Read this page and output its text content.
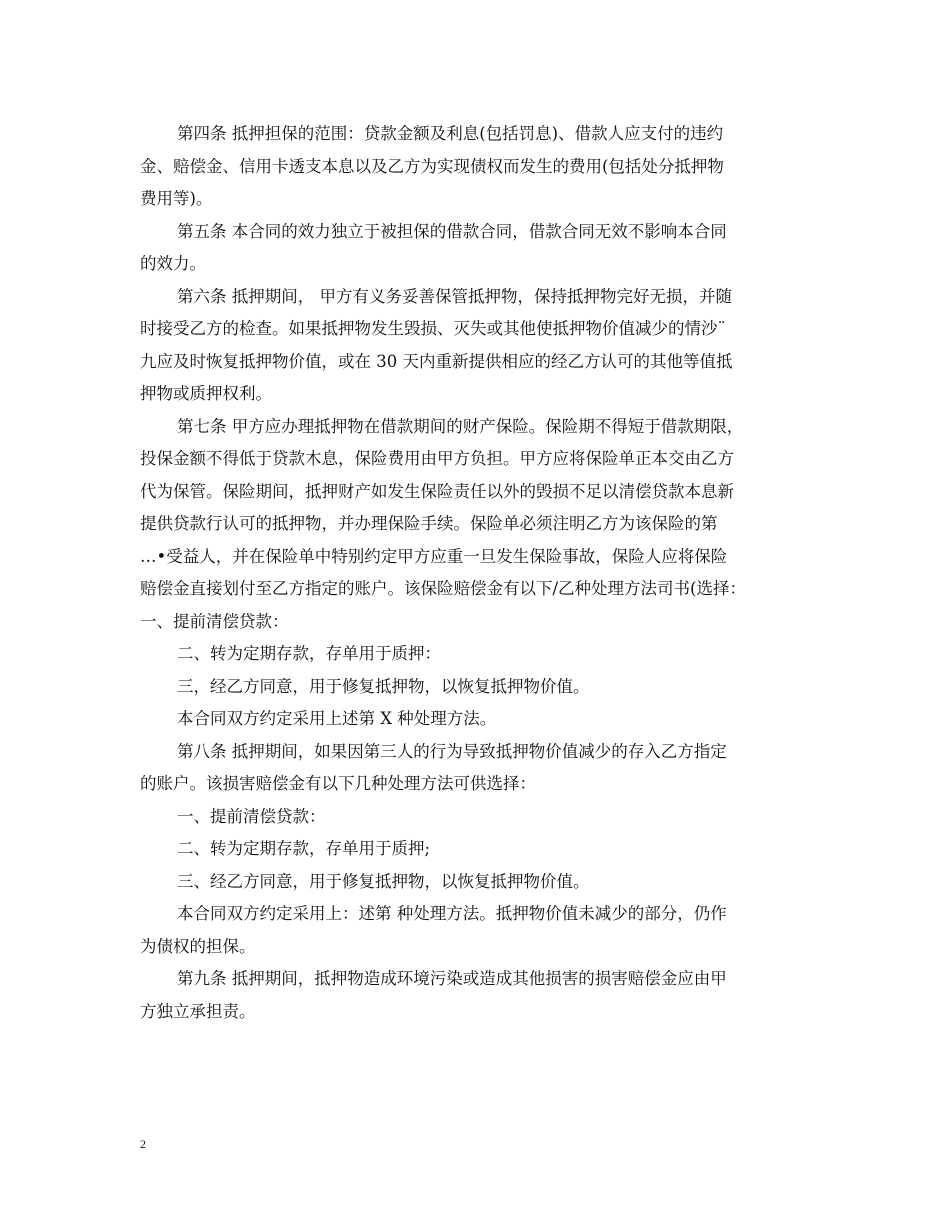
第四条 抵押担保的范围：贷款金额及利息(包括罚息)、借款人应支付的违约
金、赔偿金、信用卡透支本息以及乙方为实现债权而发生的费用(包括处分抵押物
费用等)。

第五条 本合同的效力独立于被担保的借款合同，借款合同无效不影响本合同
的效力。

第六条 抵押期间， 甲方有义务妥善保管抵押物，保持抵押物完好无损，并随
时接受乙方的检查。如果抵押物发生毁损、灭失或其他使抵押物价值减少的情沙¨
九应及时恢复抵押物价值，或在 30 天内重新提供相应的经乙方认可的其他等值抵
押物或质押权利。

第七条 甲方应办理抵押物在借款期间的财产保险。保险期不得短于借款期限，
投保金额不得低于贷款木息，保险费用由甲方负担。甲方应将保险单正本交由乙方
代为保管。保险期间，抵押财产如发生保险责任以外的毁损不足以清偿贷款本息新
提供贷款行认可的抵押物，并办理保险手续。保险单必须注明乙方为该保险的第
…•受益人，并在保险单中特别约定甲方应重一旦发生保险事故，保险人应将保险
赔偿金直接划付至乙方指定的账户。该保险赔偿金有以下/乙种处理方法司书(选择：
一、提前清偿贷款：

二、转为定期存款，存单用于质押：

三，经乙方同意，用于修复抵押物，以恢复抵押物价值。

本合同双方约定采用上述第 X 种处理方法。

第八条 抵押期间，如果因第三人的行为导致抵押物价值减少的存入乙方指定
的账户。该损害赔偿金有以下几种处理方法可供选择：

一、提前清偿贷款：

二、转为定期存款，存单用于质押;

三、经乙方同意，用于修复抵押物，以恢复抵押物价值。

本合同双方约定采用上：述第 种处理方法。抵押物价值未减少的部分，仍作
为债权的担保。

第九条 抵押期间，抵押物造成环境污染或造成其他损害的损害赔偿金应由甲
方独立承担责。

2
